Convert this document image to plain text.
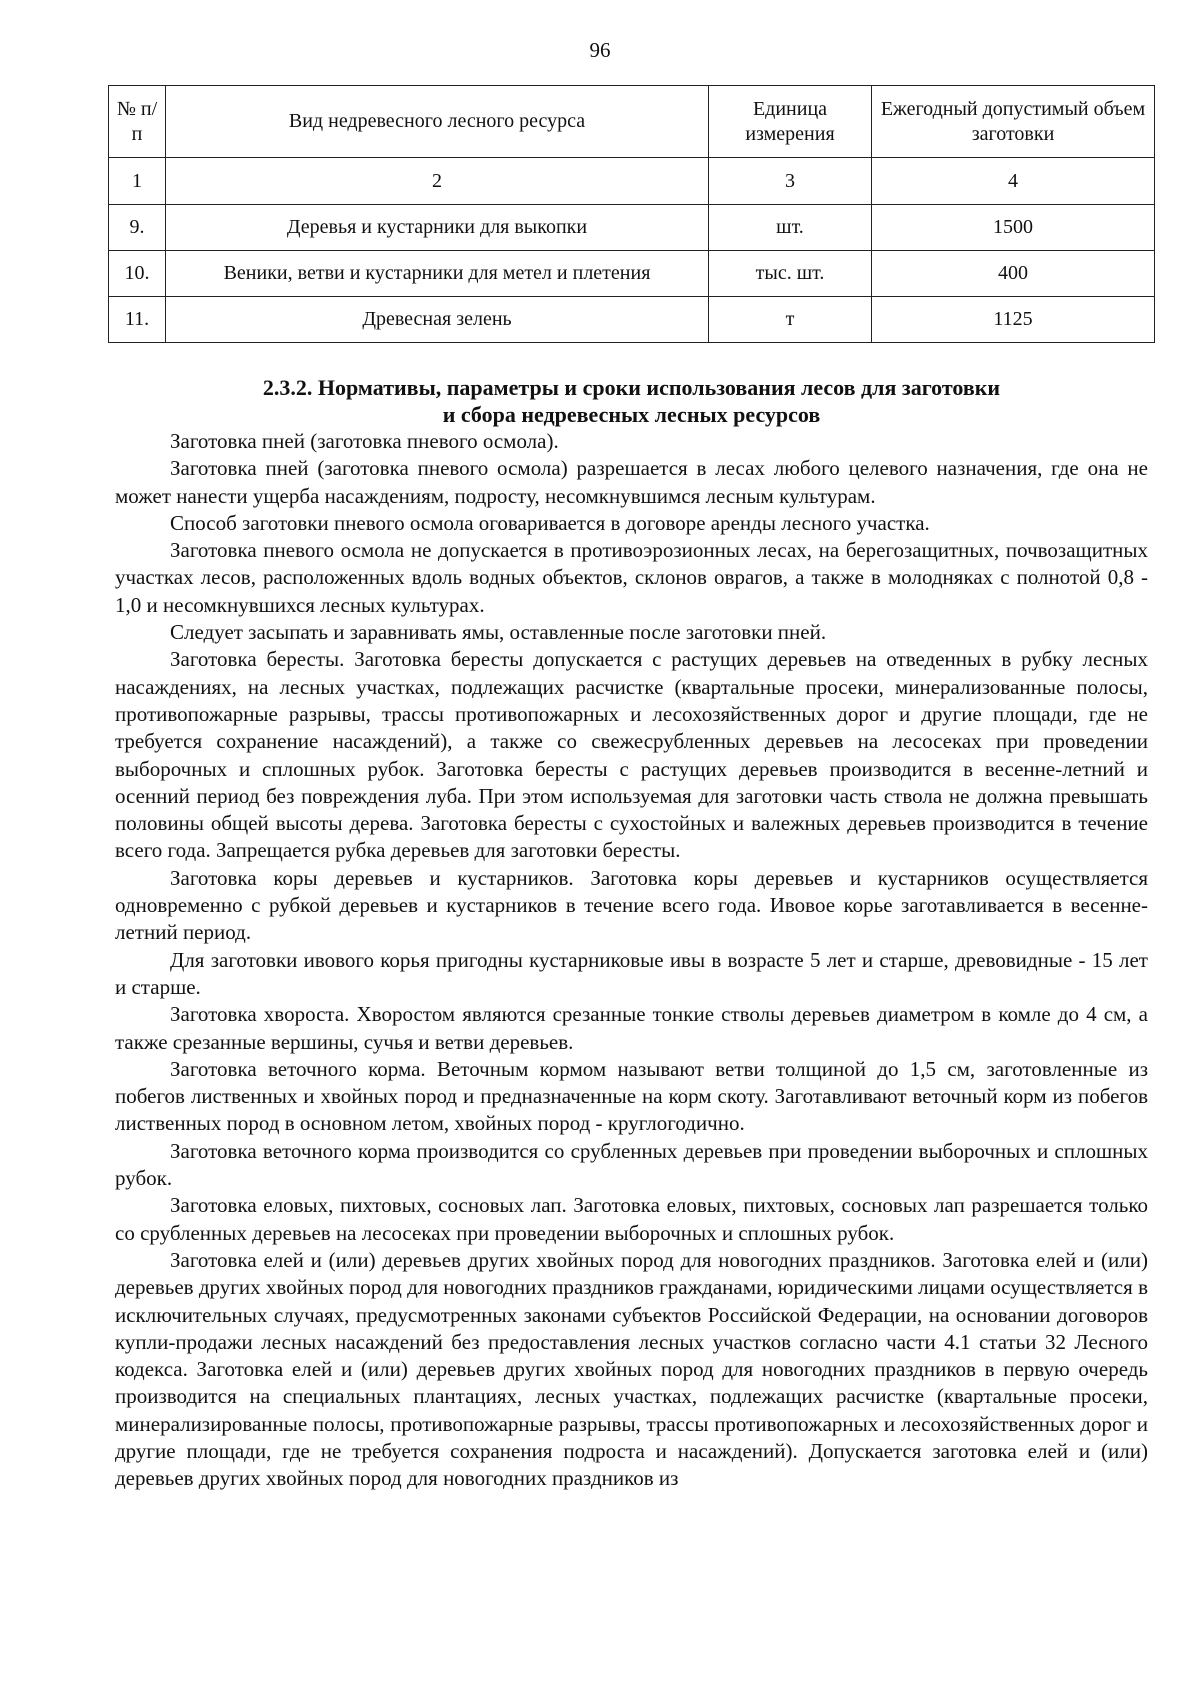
96
№ п/п	Вид недревесного лесного ресурса	Единица измерения	Ежегодный допустимый объем заготовки
1	2	3	4
9.	Деревья и кустарники для выкопки	шт.	1500
10.	Веники, ветви и кустарники для метел и плетения	тыс. шт.	400
11.	Древесная зелень	т	1125
2.3.2. Нормативы, параметры и сроки использования лесов для заготовки
и сбора недревесных лесных ресурсов

Заготовка пней (заготовка пневого осмола).

Заготовка пней (заготовка пневого осмола) разрешается в лесах любого целевого назначения, где она не может нанести ущерба насаждениям, подросту, несомкнувшимся лесным культурам.

Способ заготовки пневого осмола оговаривается в договоре аренды лесного участка.

Заготовка пневого осмола не допускается в противоэрозионных лесах, на берегозащитных, почвозащитных участках лесов, расположенных вдоль водных объектов, склонов оврагов, а также в молодняках с полнотой 0,8 - 1,0 и несомкнувшихся лесных культурах.

Следует засыпать и заравнивать ямы, оставленные после заготовки пней.

Заготовка бересты. Заготовка бересты допускается с растущих деревьев на отведенных в рубку лесных насаждениях, на лесных участках, подлежащих расчистке (квартальные просеки, минерализованные полосы, противопожарные разрывы, трассы противопожарных и лесохозяйственных дорог и другие площади, где не требуется сохранение насаждений), а также со свежесрубленных деревьев на лесосеках при проведении выборочных и сплошных рубок. Заготовка бересты с растущих деревьев производится в весенне-летний и осенний период без повреждения луба. При этом используемая для заготовки часть ствола не должна превышать половины общей высоты дерева. Заготовка бересты с сухостойных и валежных деревьев производится в течение всего года. Запрещается рубка деревьев для заготовки бересты.

Заготовка коры деревьев и кустарников. Заготовка коры деревьев и кустарников осуществляется одновременно с рубкой деревьев и кустарников в течение всего года. Ивовое корье заготавливается в весенне-летний период.

Для заготовки ивового корья пригодны кустарниковые ивы в возрасте 5 лет и старше, древовидные - 15 лет и старше.

Заготовка хвороста. Хворостом являются срезанные тонкие стволы деревьев диаметром в комле до 4 см, а также срезанные вершины, сучья и ветви деревьев.

Заготовка веточного корма. Веточным кормом называют ветви толщиной до 1,5 см, заготовленные из побегов лиственных и хвойных пород и предназначенные на корм скоту. Заготавливают веточный корм из побегов лиственных пород в основном летом, хвойных пород - круглогодично.

Заготовка веточного корма производится со срубленных деревьев при проведении выборочных и сплошных рубок.

Заготовка еловых, пихтовых, сосновых лап. Заготовка еловых, пихтовых, сосновых лап разрешается только со срубленных деревьев на лесосеках при проведении выборочных и сплошных рубок.

Заготовка елей и (или) деревьев других хвойных пород для новогодних праздников. Заготовка елей и (или) деревьев других хвойных пород для новогодних праздников гражданами, юридическими лицами осуществляется в исключительных случаях, предусмотренных законами субъектов Российской Федерации, на основании договоров купли-продажи лесных насаждений без предоставления лесных участков согласно части 4.1 статьи 32 Лесного кодекса. Заготовка елей и (или) деревьев других хвойных пород для новогодних праздников в первую очередь производится на специальных плантациях, лесных участках, подлежащих расчистке (квартальные просеки, минерализированные полосы, противопожарные разрывы, трассы противопожарных и лесохозяйственных дорог и другие площади, где не требуется сохранения подроста и насаждений). Допускается заготовка елей и (или) деревьев других хвойных пород для новогодних праздников из
